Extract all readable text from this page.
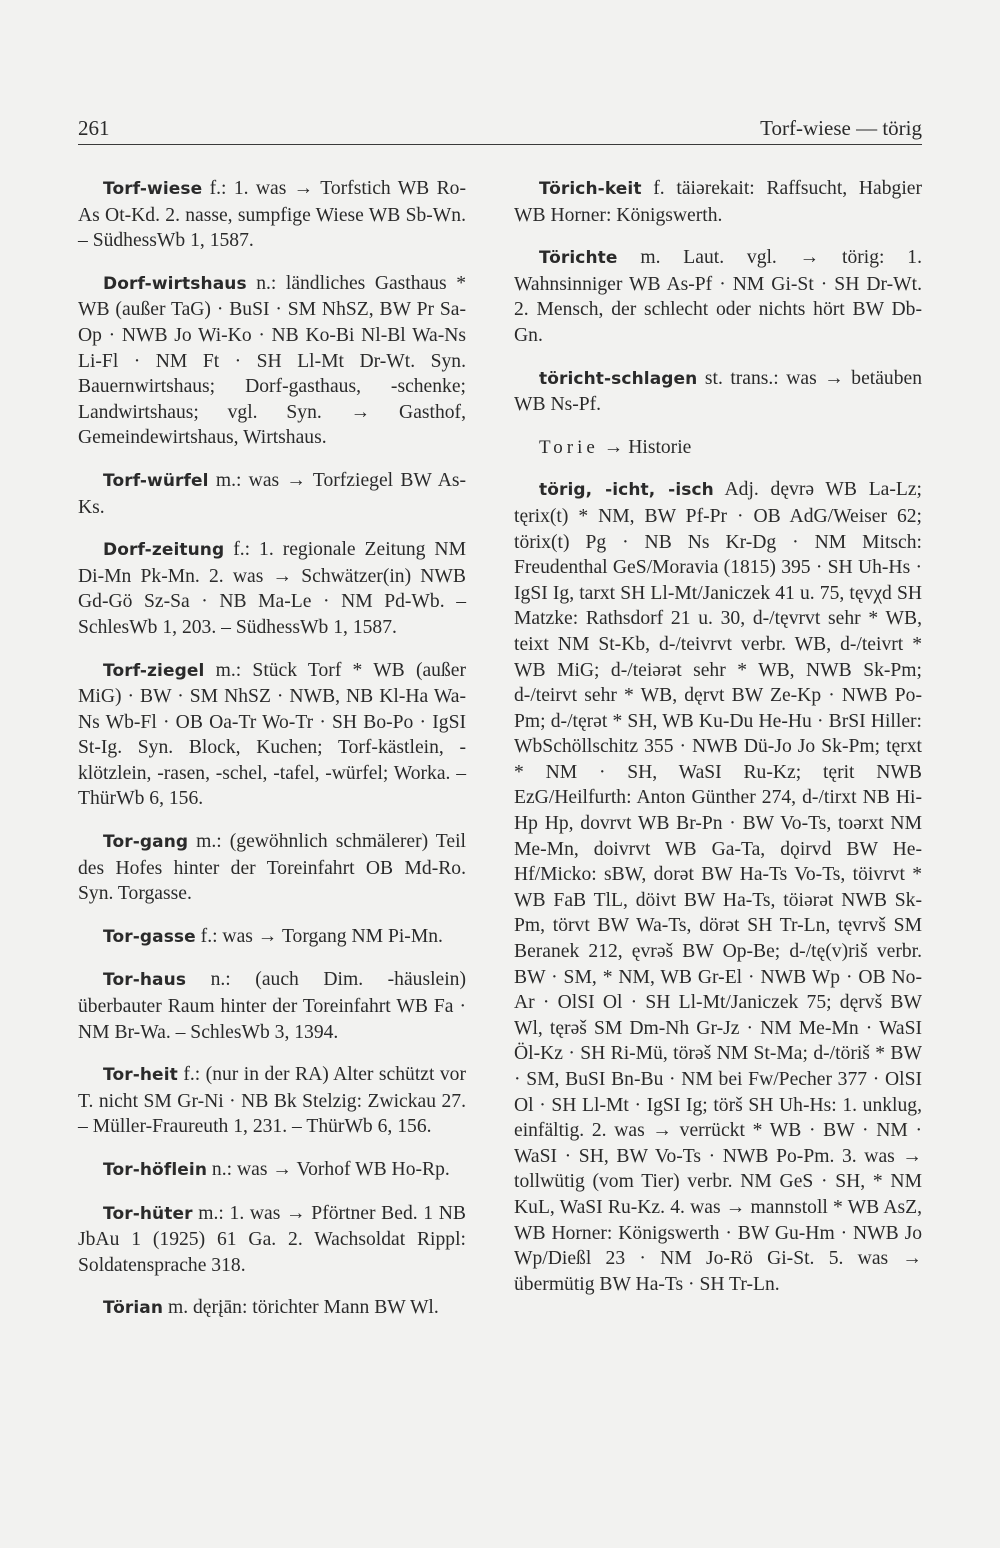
261	Torf-wiese — törig

Torf-wiese f.: 1. was → Torfstich WB Ro-As Ot-Kd. 2. nasse, sumpfige Wiese WB Sb-Wn. – SüdhessWb 1, 1587.

Dorf-wirtshaus n.: ländliches Gasthaus * WB (außer TaG) · BuSI · SM NhSZ, BW Pr Sa-Op · NWB Jo Wi-Ko · NB Ko-Bi Nl-Bl Wa-Ns Li-Fl · NM Ft · SH Ll-Mt Dr-Wt. Syn. Bauernwirtshaus; Dorf-gasthaus, -schenke; Landwirtshaus; vgl. Syn. → Gasthof, Gemeindewirtshaus, Wirtshaus.

Torf-würfel m.: was → Torfziegel BW As-Ks.

Dorf-zeitung f.: 1. regionale Zeitung NM Di-Mn Pk-Mn. 2. was → Schwätzer(in) NWB Gd-Gö Sz-Sa · NB Ma-Le · NM Pd-Wb. – SchlesWb 1, 203. – SüdhessWb 1, 1587.

Torf-ziegel m.: Stück Torf * WB (außer MiG) · BW · SM NhSZ · NWB, NB Kl-Ha Wa-Ns Wb-Fl · OB Oa-Tr Wo-Tr · SH Bo-Po · IgSI St-Ig. Syn. Block, Kuchen; Torf-kästlein, -klötzlein, -rasen, -schel, -tafel, -würfel; Worka. – ThürWb 6, 156.

Tor-gang m.: (gewöhnlich schmälerer) Teil des Hofes hinter der Toreinfahrt OB Md-Ro. Syn. Torgasse.

Tor-gasse f.: was → Torgang NM Pi-Mn.

Tor-haus n.: (auch Dim. -häuslein) überbauter Raum hinter der Toreinfahrt WB Fa · NM Br-Wa. – SchlesWb 3, 1394.

Tor-heit f.: (nur in der RA) Alter schützt vor T. nicht SM Gr-Ni · NB Bk Stelzig: Zwickau 27. – Müller-Fraureuth 1, 231. – ThürWb 6, 156.

Tor-höflein n.: was → Vorhof WB Ho-Rp.

Tor-hüter m.: 1. was → Pförtner Bed. 1 NB JbAu 1 (1925) 61 Ga. 2. Wachsoldat Rippl: Soldatensprache 318.

Törian m. dęrįān: törichter Mann BW Wl.

Törich-keit f. täiərekait: Raffsucht, Habgier WB Horner: Königswerth.

Törichte m. Laut. vgl. → törig: 1. Wahnsinniger WB As-Pf · NM Gi-St · SH Dr-Wt. 2. Mensch, der schlecht oder nichts hört BW Db-Gn.

töricht-schlagen st. trans.: was → betäuben WB Ns-Pf.

Torie → Historie

törig, -icht, -isch Adj. dęvrə WB La-Lz; tęrix(t) * NM, BW Pf-Pr · OB AdG/Weiser 62; törix(t) Pg · NB Ns Kr-Dg · NM Mitsch: Freudenthal GeS/Moravia (1815) 395 · SH Uh-Hs · IgSI Ig, tarxt SH Ll-Mt/Janiczek 41 u. 75, tęvχd SH Matzke: Rathsdorf 21 u. 30, d-/tęvrvt sehr * WB, teixt NM St-Kb, d-/teivrvt verbr. WB, d-/teivrt * WB MiG; d-/teiərət sehr * WB, NWB Sk-Pm; d-/teirvt sehr * WB, dęrvt BW Ze-Kp · NWB Po-Pm; d-/tęrət * SH, WB Ku-Du He-Hu · BrSI Hiller: WbSchöllschitz 355 · NWB Dü-Jo Jo Sk-Pm; tęrxt * NM · SH, WaSI Ru-Kz; tęrit NWB EzG/Heilfurth: Anton Günther 274, d-/tirxt NB Hi-Hp Hp, dovrvt WB Br-Pn · BW Vo-Ts, toərxt NM Me-Mn, doivrvt WB Ga-Ta, dǫirvd BW He-Hf/Micko: sBW, dorət BW Ha-Ts Vo-Ts, töivrvt * WB FaB TlL, döivt BW Ha-Ts, töiərət NWB Sk-Pm, törvt BW Wa-Ts, dörət SH Tr-Ln, tęvrvš SM Beranek 212, ęvrəš BW Op-Be; d-/tę(v)riš verbr. BW · SM, * NM, WB Gr-El · NWB Wp · OB No-Ar · OlSI Ol · SH Ll-Mt/Janiczek 75; dęrvš BW Wl, tęrəš SM Dm-Nh Gr-Jz · NM Me-Mn · WaSI Öl-Kz · SH Ri-Mü, törəš NM St-Ma; d-/töriš * BW · SM, BuSI Bn-Bu · NM bei Fw/Pecher 377 · OlSI Ol · SH Ll-Mt · IgSI Ig; törš SH Uh-Hs: 1. unklug, einfältig. 2. was → verrückt * WB · BW · NM · WaSI · SH, BW Vo-Ts · NWB Po-Pm. 3. was → tollwütig (vom Tier) verbr. NM GeS · SH, * NM KuL, WaSI Ru-Kz. 4. was → mannstoll * WB AsZ, WB Horner: Königswerth · BW Gu-Hm · NWB Jo Wp/Dießl 23 · NM Jo-Rö Gi-St. 5. was → übermütig BW Ha-Ts · SH Tr-Ln.
